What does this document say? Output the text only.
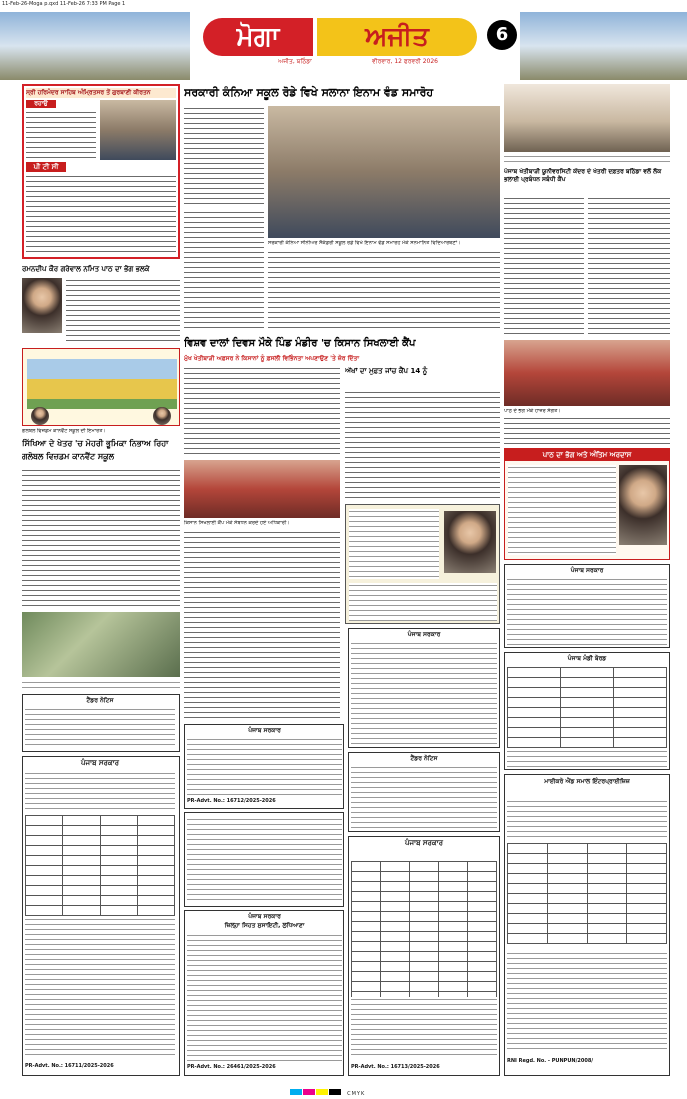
11-Feb-26-Moga p.qxd 11-Feb-26 7:33 PM Page 1
ਮੋਗਾ	ਅਜੀਤ
ਅਜੀਤ, ਬਠਿੰਡਾ	ਵੀਰਵਾਰ, 12 ਫਰਵਰੀ 2026
6
ਸ੍ਰੀ ਹਰਿਮੰਦਰ ਸਾਹਿਬ ਅੰਮ੍ਰਿਤਸਰ ਤੋਂ ਗੁਰਬਾਣੀ ਕੀਰਤਨ
ਰਹਾਉ
ਪੀ ਟੀ ਸੀ
ਰਮਨਦੀਪ ਕੌਰ ਗਰੇਵਾਲ ਨਮਿਤ ਪਾਠ ਦਾ ਭੋਗ ਭਲਕੇ
ਗਲੋਬਲ ਵਿਜ਼ਡਮ ਕਾਨਵੈਂਟ ਸਕੂਲ ਦੀ ਇਮਾਰਤ।
ਸਿੱਖਿਆ ਦੇ ਖੇਤਰ 'ਚ ਮੋਹਰੀ ਭੂਮਿਕਾ ਨਿਭਾਅ ਰਿਹਾ ਗਲੋਬਲ ਵਿਜ਼ਡਮ ਕਾਨਵੈਂਟ ਸਕੂਲ
ਟੈਂਡਰ ਨੋਟਿਸ
ਪੰਜਾਬ ਸਰਕਾਰ

PR-Advt. No.: 16711/2025-2026
ਸਰਕਾਰੀ ਕੰਨਿਆ ਸਕੂਲ ਰੋਡੇ ਵਿਖੇ ਸਲਾਨਾ ਇਨਾਮ ਵੰਡ ਸਮਾਰੋਹ
ਸਰਕਾਰੀ ਕੰਨਿਆ ਸੀਨੀਅਰ ਸੈਕੰਡਰੀ ਸਕੂਲ ਰੋਡੇ ਵਿਖੇ ਇਨਾਮ ਵੰਡ ਸਮਾਰੋਹ ਮੌਕੇ ਸਨਮਾਨਿਤ ਵਿਦਿਆਰਥਣਾਂ।
ਵਿਸ਼ਵ ਦਾਲਾਂ ਦਿਵਸ ਮੌਕੇ ਪਿੰਡ ਮੰਡੀਰ 'ਚ ਕਿਸਾਨ ਸਿਖਲਾਈ ਕੈਂਪ
ਮੁੱਖ ਖੇਤੀਬਾੜੀ ਅਫ਼ਸਰ ਨੇ ਕਿਸਾਨਾਂ ਨੂੰ ਫ਼ਸਲੀ ਵਿਭਿੰਨਤਾ ਅਪਣਾਉਣ 'ਤੇ ਜ਼ੋਰ ਦਿੱਤਾ
ਕਿਸਾਨ ਸਿਖਲਾਈ ਕੈਂਪ ਮੌਕੇ ਸੰਬੋਧਨ ਕਰਦੇ ਹੋਏ ਅਧਿਕਾਰੀ।
ਅੱਖਾਂ ਦਾ ਮੁਫ਼ਤ ਜਾਂਚ ਕੈਂਪ 14 ਨੂੰ
ਪੰਜਾਬ ਸਰਕਾਰ
PR-Advt. No.: 16712/2025-2026
ਪੰਜਾਬ ਸਰਕਾਰ
ਜ਼ਿਲ੍ਹਾ ਸਿਹਤ ਸੁਸਾਇਟੀ, ਲੁਧਿਆਣਾ
PR-Advt. No.: 26461/2025-2026
ਪੰਜਾਬ ਸਰਕਾਰ
ਟੈਂਡਰ ਨੋਟਿਸ
ਪੰਜਾਬ ਸਰਕਾਰ

PR-Advt. No.: 16713/2025-2026
ਪੰਜਾਬ ਖੇਤੀਬਾੜੀ ਯੂਨੀਵਰਸਿਟੀ ਕੇਂਦਰ ਦੇ ਖੇਤਰੀ ਦਫ਼ਤਰ ਬਠਿੰਡਾ ਵਲੋਂ ਲੋਕ ਭਲਾਈ ਪ੍ਰਬੰਧਨ ਸਬੰਧੀ ਕੈਂਪ
ਪਾਠ ਦੇ ਭੋਗ ਮੌਕੇ ਹਾਜ਼ਰ ਸੰਗਤ।
ਪਾਠ ਦਾ ਭੋਗ ਅਤੇ ਅੰਤਿਮ ਅਰਦਾਸ
ਪੰਜਾਬ ਸਰਕਾਰ
ਪੰਜਾਬ ਮੰਡੀ ਬੋਰਡ

ਮਾਈਕਰੋ ਐਂਡ ਸਮਾਲ ਇੰਟਰਪ੍ਰਾਈਜ਼ਿਜ਼

RNI Regd. No. - PUNPUN/2008/
CMYK
